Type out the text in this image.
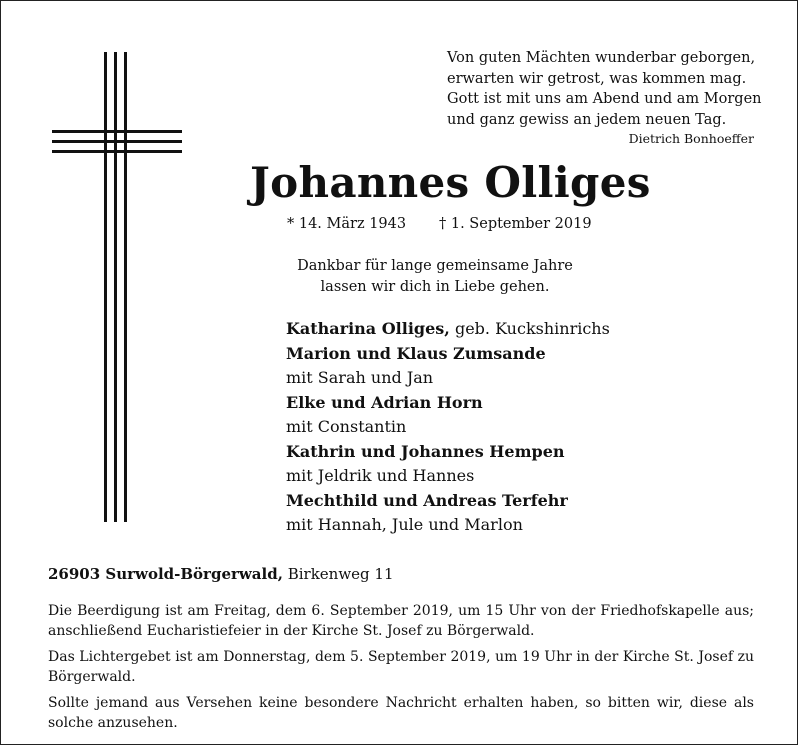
Von guten Mächten wunderbar geborgen,
erwarten wir getrost, was kommen mag.
Gott ist mit uns am Abend und am Morgen
und ganz gewiss an jedem neuen Tag.
Dietrich Bonhoeffer
Johannes Olliges
* 14. März 1943 † 1. September 2019
Dankbar für lange gemeinsame Jahre
lassen wir dich in Liebe gehen.
Katharina Olliges, geb. Kuckshinrichs
Marion und Klaus Zumsande
mit Sarah und Jan
Elke und Adrian Horn
mit Constantin
Kathrin und Johannes Hempen
mit Jeldrik und Hannes
Mechthild und Andreas Terfehr
mit Hannah, Jule und Marlon
26903 Surwold-Börgerwald, Birkenweg 11
Die Beerdigung ist am Freitag, dem 6. September 2019, um 15 Uhr von der Friedhofskapelle aus; anschließend Eucharistiefeier in der Kirche St. Josef zu Börgerwald.
Das Lichtergebet ist am Donnerstag, dem 5. September 2019, um 19 Uhr in der Kirche St. Josef zu Börgerwald.
Sollte jemand aus Versehen keine besondere Nachricht erhalten haben, so bitten wir, diese als solche anzusehen.
